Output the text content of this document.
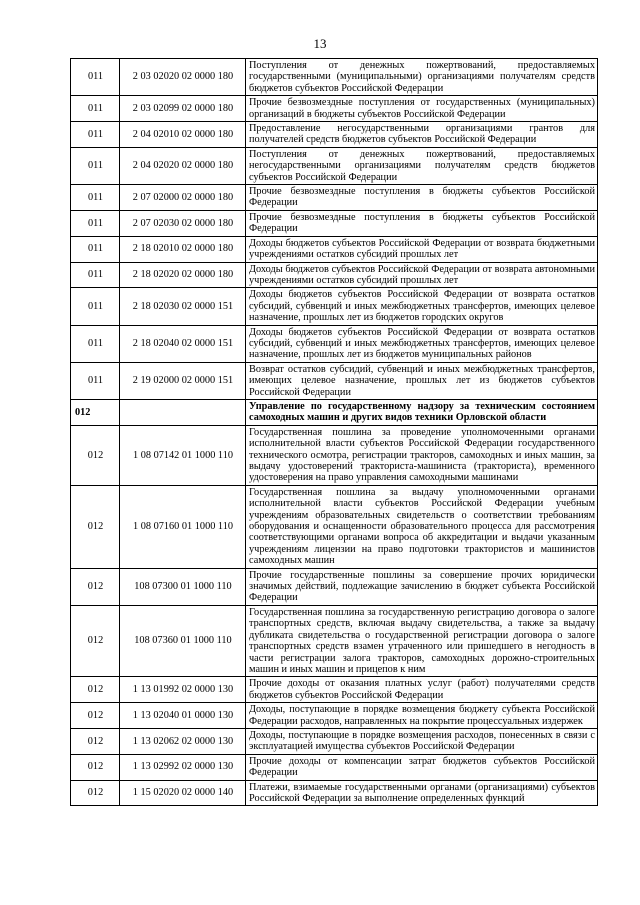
13
011	2 03 02020 02 0000 180	Поступления от денежных пожертвований, предоставляемых государственными (муниципальными) организациями получателям средств бюджетов субъектов Российской Федерации
011	2 03 02099 02 0000 180	Прочие безвозмездные поступления от государственных (муниципальных) организаций в бюджеты субъектов Российской Федерации
011	2 04 02010 02 0000 180	Предоставление негосударственными организациями грантов для получателей средств бюджетов субъектов Российской Федерации
011	2 04 02020 02 0000 180	Поступления от денежных пожертвований, предоставляемых негосударственными организациями получателям средств бюджетов субъектов Российской Федерации
011	2 07 02000 02 0000 180	Прочие безвозмездные поступления в бюджеты субъектов Российской Федерации
011	2 07 02030 02 0000 180	Прочие безвозмездные поступления в бюджеты субъектов Российской Федерации
011	2 18 02010 02 0000 180	Доходы бюджетов субъектов Российской Федерации от возврата бюджетными учреждениями остатков субсидий прошлых лет
011	2 18 02020 02 0000 180	Доходы бюджетов субъектов Российской Федерации от возврата автономными учреждениями остатков субсидий прошлых лет
011	2 18 02030 02 0000 151	Доходы бюджетов субъектов Российской Федерации от возврата остатков субсидий, субвенций и иных межбюджетных трансфертов, имеющих целевое назначение, прошлых лет из бюджетов городских округов
011	2 18 02040 02 0000 151	Доходы бюджетов субъектов Российской Федерации от возврата остатков субсидий, субвенций и иных межбюджетных трансфертов, имеющих целевое назначение, прошлых лет из бюджетов муниципальных районов
011	2 19 02000 02 0000 151	Возврат остатков субсидий, субвенций и иных межбюджетных трансфертов, имеющих целевое назначение, прошлых лет из бюджетов субъектов Российской Федерации
012		Управление по государственному надзору за техническим состоянием самоходных машин и других видов техники Орловской области
012	1 08 07142 01 1000 110	Государственная пошлина за проведение уполномоченными органами исполнительной власти субъектов Российской Федерации государственного технического осмотра, регистрации тракторов, самоходных и иных машин, за выдачу удостоверений тракториста-машиниста (тракториста), временного удостоверения на право управления самоходными машинами
012	1 08 07160 01 1000 110	Государственная пошлина за выдачу уполномоченными органами исполнительной власти субъектов Российской Федерации учебным учреждениям образовательных свидетельств о соответствии требованиям оборудования и оснащенности образовательного процесса для рассмотрения соответствующими органами вопроса об аккредитации и выдачи указанным учреждениям лицензии на право подготовки трактористов и машинистов самоходных машин
012	108 07300 01 1000 110	Прочие государственные пошлины за совершение прочих юридически значимых действий, подлежащие зачислению в бюджет субъекта Российской Федерации
012	108 07360 01 1000 110	Государственная пошлина за государственную регистрацию договора о залоге транспортных средств, включая выдачу свидетельства, а также за выдачу дубликата свидетельства о государственной регистрации договора о залоге транспортных средств взамен утраченного или пришедшего в негодность в части регистрации залога тракторов, самоходных дорожно-строительных машин и иных машин и прицепов к ним
012	1 13 01992 02 0000 130	Прочие доходы от оказания платных услуг (работ) получателями средств бюджетов субъектов Российской Федерации
012	1 13 02040 01 0000 130	Доходы, поступающие в порядке возмещения бюджету субъекта Российской Федерации расходов, направленных на покрытие процессуальных издержек
012	1 13 02062 02 0000 130	Доходы, поступающие в порядке возмещения расходов, понесенных в связи с эксплуатацией имущества субъектов Российской Федерации
012	1 13 02992 02 0000 130	Прочие доходы от компенсации затрат бюджетов субъектов Российской Федерации
012	1 15 02020 02 0000 140	Платежи, взимаемые государственными органами (организациями) субъектов Российской Федерации за выполнение определенных функций
